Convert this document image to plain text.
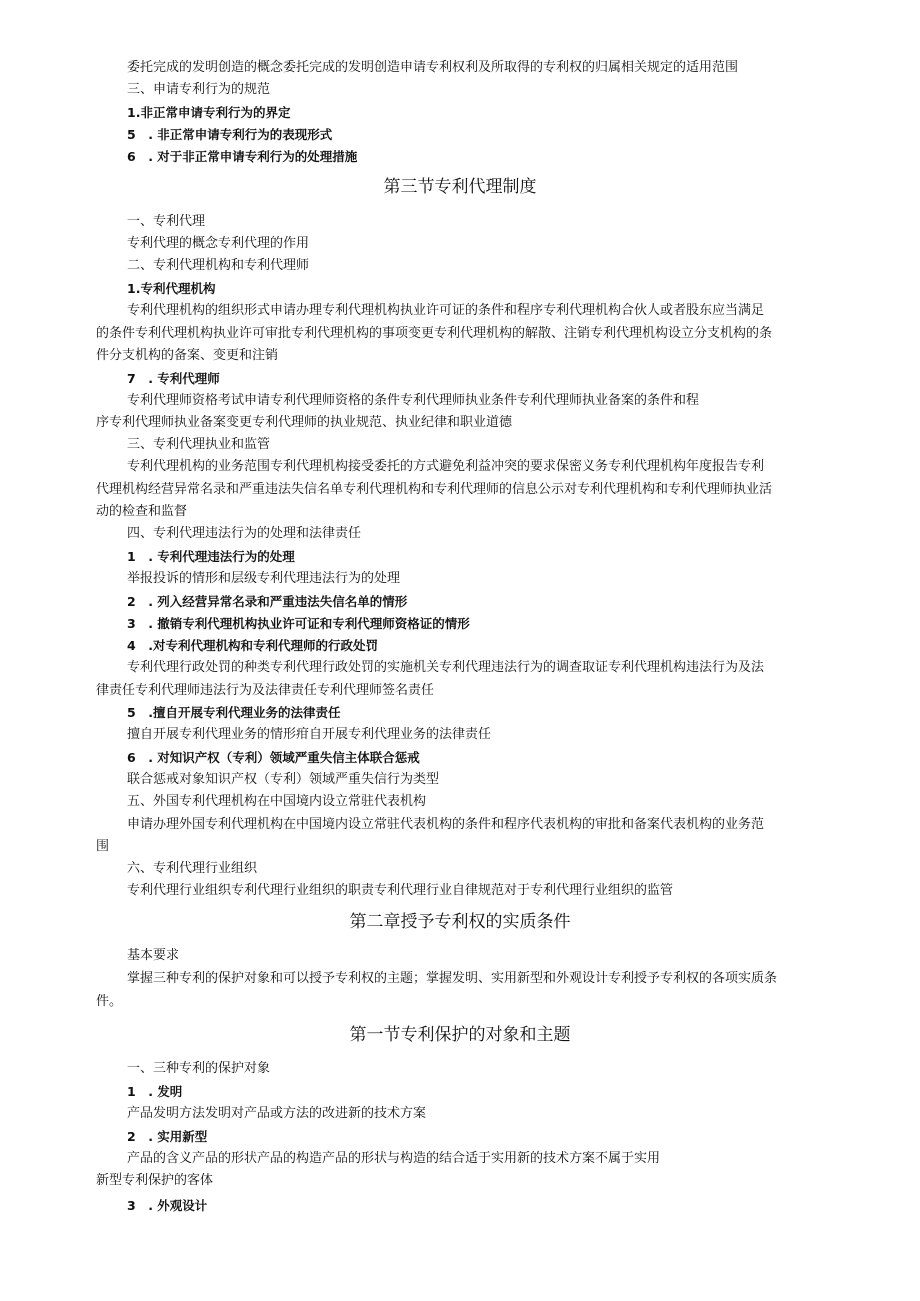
委托完成的发明创造的概念委托完成的发明创造申请专利权利及所取得的专利权的归属相关规定的适用范围
三、申请专利行为的规范
1.非正常申请专利行为的界定
5　. 非正常申请专利行为的表现形式
6　. 对于非正常申请专利行为的处理措施
第三节专利代理制度
一、专利代理
专利代理的概念专利代理的作用
二、专利代理机构和专利代理师
1.专利代理机构
专利代理机构的组织形式申请办理专利代理机构执业许可证的条件和程序专利代理机构合伙人或者股东应当满足
的条件专利代理机构执业许可审批专利代理机构的事项变更专利代理机构的解散、注销专利代理机构设立分支机构的条
件分支机构的备案、变更和注销
7　. 专利代理师
专利代理师资格考试申请专利代理师资格的条件专利代理师执业条件专利代理师执业备案的条件和程
序专利代理师执业备案变更专利代理师的执业规范、执业纪律和职业道德
三、专利代理执业和监管
专利代理机构的业务范围专利代理机构接受委托的方式避免利益冲突的要求保密义务专利代理机构年度报告专利
代理机构经营异常名录和严重违法失信名单专利代理机构和专利代理师的信息公示对专利代理机构和专利代理师执业活
动的检查和监督
四、专利代理违法行为的处理和法律责任
1　. 专利代理违法行为的处理
举报投诉的情形和层级专利代理违法行为的处理
2　. 列入经营异常名录和严重违法失信名单的情形
3　. 撤销专利代理机构执业许可证和专利代理师资格证的情形
4　.对专利代理机构和专利代理师的行政处罚
专利代理行政处罚的种类专利代理行政处罚的实施机关专利代理违法行为的调查取证专利代理机构违法行为及法
律责任专利代理师违法行为及法律责任专利代理师签名责任
5　.擅自开展专利代理业务的法律责任
擅自开展专利代理业务的情形疳自开展专利代理业务的法律责任
6　. 对知识产权（专利）领域严重失信主体联合惩戒
联合惩戒对象知识产权（专利）领域严重失信行为类型
五、外国专利代理机构在中国境内设立常驻代表机构
申请办理外国专利代理机构在中国境内设立常驻代表机构的条件和程序代表机构的审批和备案代表机构的业务范
围
六、专利代理行业组织
专利代理行业组织专利代理行业组织的职责专利代理行业自律规范对于专利代理行业组织的监管
第二章授予专利权的实质条件
基本要求
掌握三种专利的保护对象和可以授予专利权的主题；掌握发明、实用新型和外观设计专利授予专利权的各项实质条
件。
第一节专利保护的对象和主题
一、三种专利的保护对象
1　. 发明
产品发明方法发明对产品或方法的改进新的技术方案
2　. 实用新型
产品的含义产品的形状产品的构造产品的形状与构造的结合适于实用新的技术方案不属于实用
新型专利保护的客体
3　. 外观设计
